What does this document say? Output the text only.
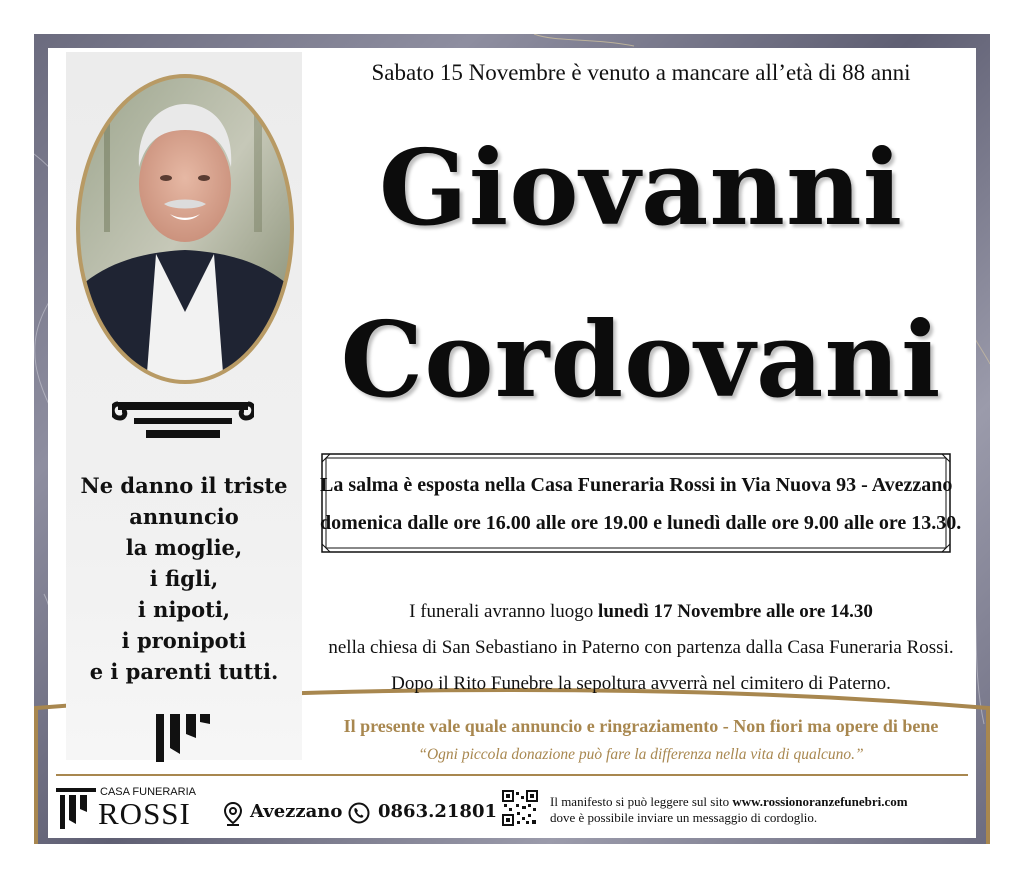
Ne danno il triste
annuncio
la moglie,
i figli,
i nipoti,
i pronipoti
e i parenti tutti.
Sabato 15 Novembre è venuto a mancare all’età di 88 anni
Giovanni
Cordovani
La salma è esposta nella Casa Funeraria Rossi in Via Nuova 93 - Avezzano
domenica dalle ore 16.00 alle ore 19.00 e lunedì dalle ore 9.00 alle ore 13.30.
I funerali avranno luogo lunedì 17 Novembre alle ore 14.30
nella chiesa di San Sebastiano in Paterno con partenza dalla Casa Funeraria Rossi.
Dopo il Rito Funebre la sepoltura avverrà nel cimitero di Paterno.
Il presente vale quale annuncio e ringraziamento - Non fiori ma opere di bene
“Ogni piccola donazione può fare la differenza nella vita di qualcuno.”
CASA FUNERARIA
ROSSI	Avezzano 0863.21801	Il manifesto si può leggere sul sito www.rossionoranzefunebri.com
dove è possibile inviare un messaggio di cordoglio.
